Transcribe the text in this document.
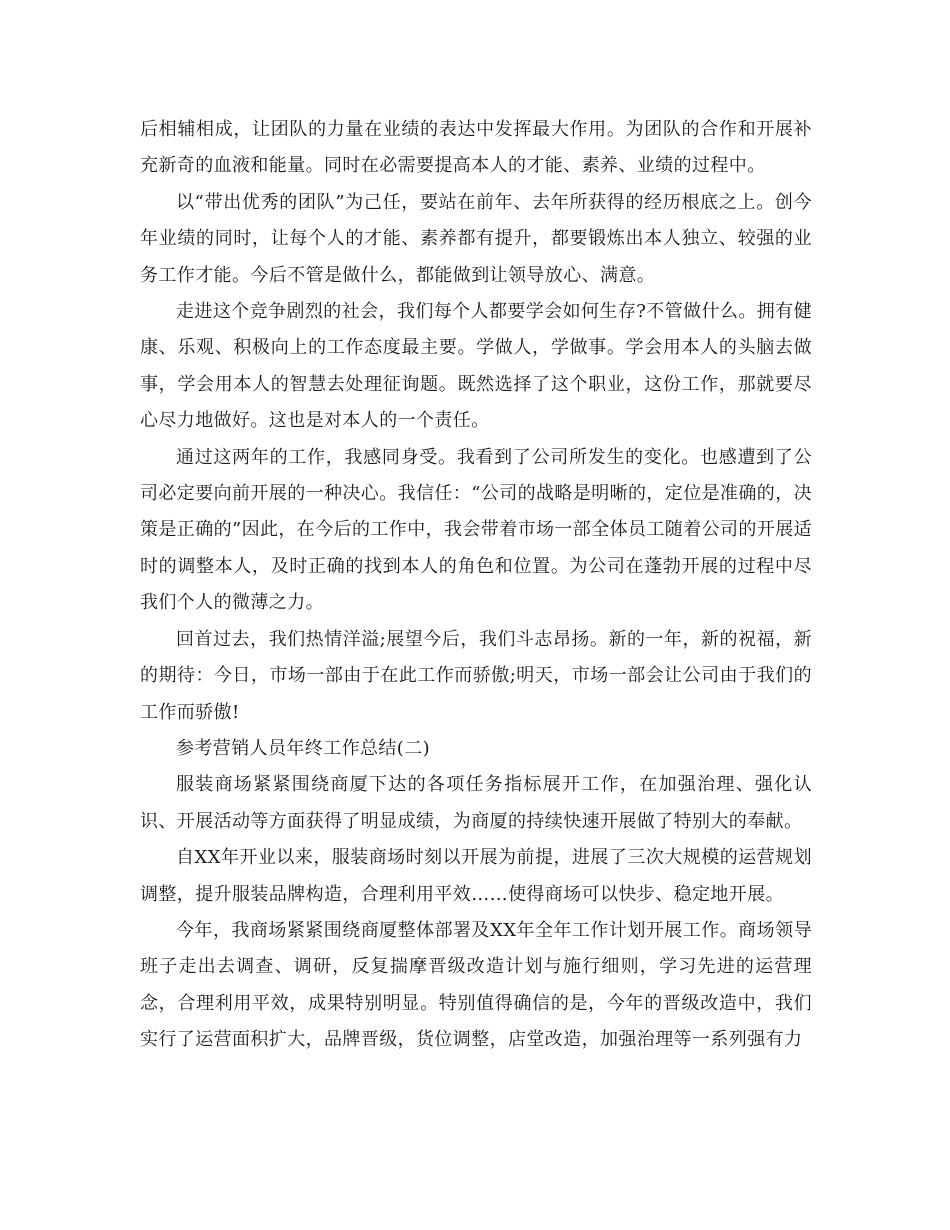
后相辅相成，让团队的力量在业绩的表达中发挥最大作用。为团队的合作和开展补充新奇的血液和能量。同时在必需要提高本人的才能、素养、业绩的过程中。

以“带出优秀的团队”为己任，要站在前年、去年所获得的经历根底之上。创今年业绩的同时，让每个人的才能、素养都有提升，都要锻炼出本人独立、较强的业务工作才能。今后不管是做什么，都能做到让领导放心、满意。

走进这个竞争剧烈的社会，我们每个人都要学会如何生存?不管做什么。拥有健康、乐观、积极向上的工作态度最主要。学做人，学做事。学会用本人的头脑去做事，学会用本人的智慧去处理征询题。既然选择了这个职业，这份工作，那就要尽心尽力地做好。这也是对本人的一个责任。

通过这两年的工作，我感同身受。我看到了公司所发生的变化。也感遭到了公司必定要向前开展的一种决心。我信任：“公司的战略是明晰的，定位是准确的，决策是正确的”因此，在今后的工作中，我会带着市场一部全体员工随着公司的开展适时的调整本人，及时正确的找到本人的角色和位置。为公司在蓬勃开展的过程中尽我们个人的微薄之力。

回首过去，我们热情洋溢;展望今后，我们斗志昂扬。新的一年，新的祝福，新的期待：今日，市场一部由于在此工作而骄傲;明天，市场一部会让公司由于我们的工作而骄傲!

参考营销人员年终工作总结(二)

服装商场紧紧围绕商厦下达的各项任务指标展开工作，在加强治理、强化认识、开展活动等方面获得了明显成绩，为商厦的持续快速开展做了特别大的奉献。

自XX年开业以来，服装商场时刻以开展为前提，进展了三次大规模的运营规划调整，提升服装品牌构造，合理利用平效……使得商场可以快步、稳定地开展。

今年，我商场紧紧围绕商厦整体部署及XX年全年工作计划开展工作。商场领导班子走出去调查、调研，反复揣摩晋级改造计划与施行细则，学习先进的运营理念，合理利用平效，成果特别明显。特别值得确信的是，今年的晋级改造中，我们实行了运营面积扩大，品牌晋级，货位调整，店堂改造，加强治理等一系列强有力
